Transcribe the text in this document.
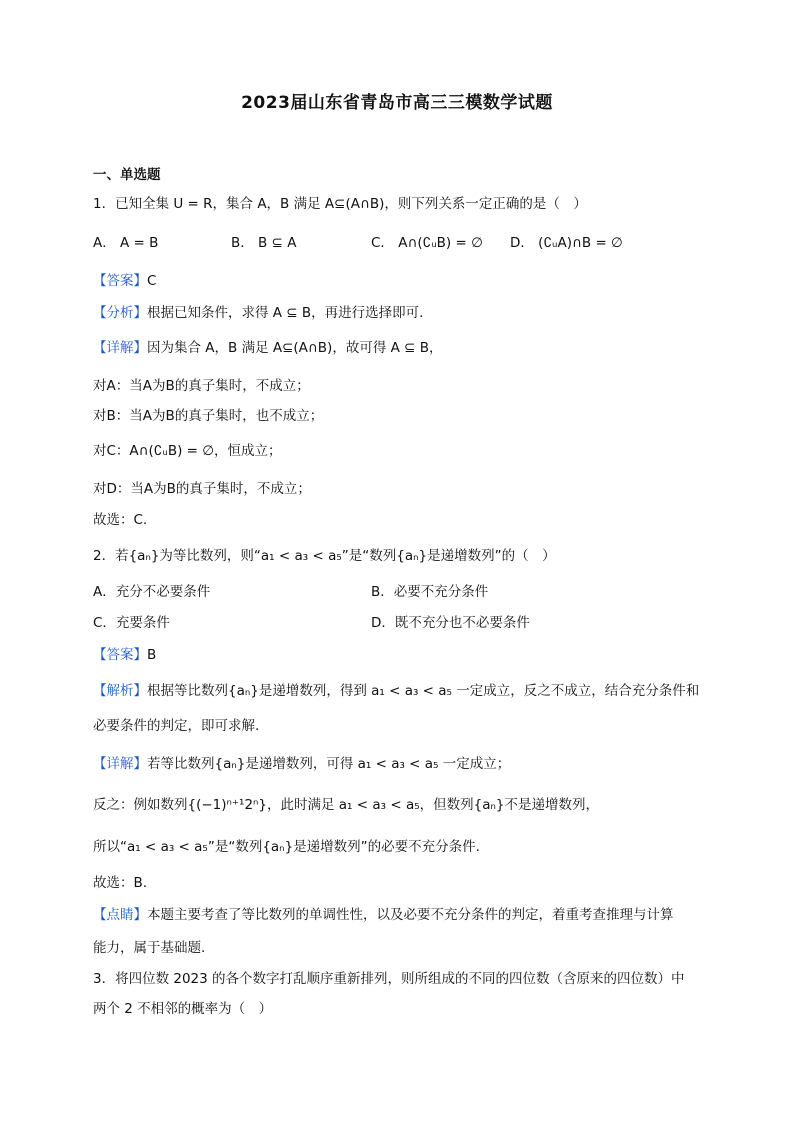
2023届山东省青岛市高三三模数学试题
一、单选题
1．已知全集 U = R，集合 A，B 满足 A⊆(A∩B)，则下列关系一定正确的是（　）
A． A = B	B． B ⊆ A	C． A∩(∁ᵤB) = ∅ D． (∁ᵤA)∩B = ∅
【答案】C
【分析】根据已知条件，求得 A ⊆ B，再进行选择即可.
【详解】因为集合 A，B 满足 A⊆(A∩B)，故可得 A ⊆ B，
对A：当A为B的真子集时，不成立；
对B：当A为B的真子集时，也不成立；
对C：A∩(∁ᵤB) = ∅，恒成立；
对D：当A为B的真子集时，不成立；
故选：C.
2．若{aₙ}为等比数列，则“a₁ < a₃ < a₅”是“数列{aₙ}是递增数列”的（　）
A．充分不必要条件	B．必要不充分条件
C．充要条件	D．既不充分也不必要条件
【答案】B
【解析】根据等比数列{aₙ}是递增数列，得到 a₁ < a₃ < a₅ 一定成立，反之不成立，结合充分条件和
必要条件的判定，即可求解.
【详解】若等比数列{aₙ}是递增数列，可得 a₁ < a₃ < a₅ 一定成立；
反之：例如数列{(−1)ⁿ⁺¹2ⁿ}，此时满足 a₁ < a₃ < a₅，但数列{aₙ}不是递增数列，
所以“a₁ < a₃ < a₅”是“数列{aₙ}是递增数列”的必要不充分条件.
故选：B.
【点睛】本题主要考查了等比数列的单调性性，以及必要不充分条件的判定，着重考查推理与计算
能力，属于基础题.
3．将四位数 2023 的各个数字打乱顺序重新排列，则所组成的不同的四位数（含原来的四位数）中
两个 2 不相邻的概率为（　）
